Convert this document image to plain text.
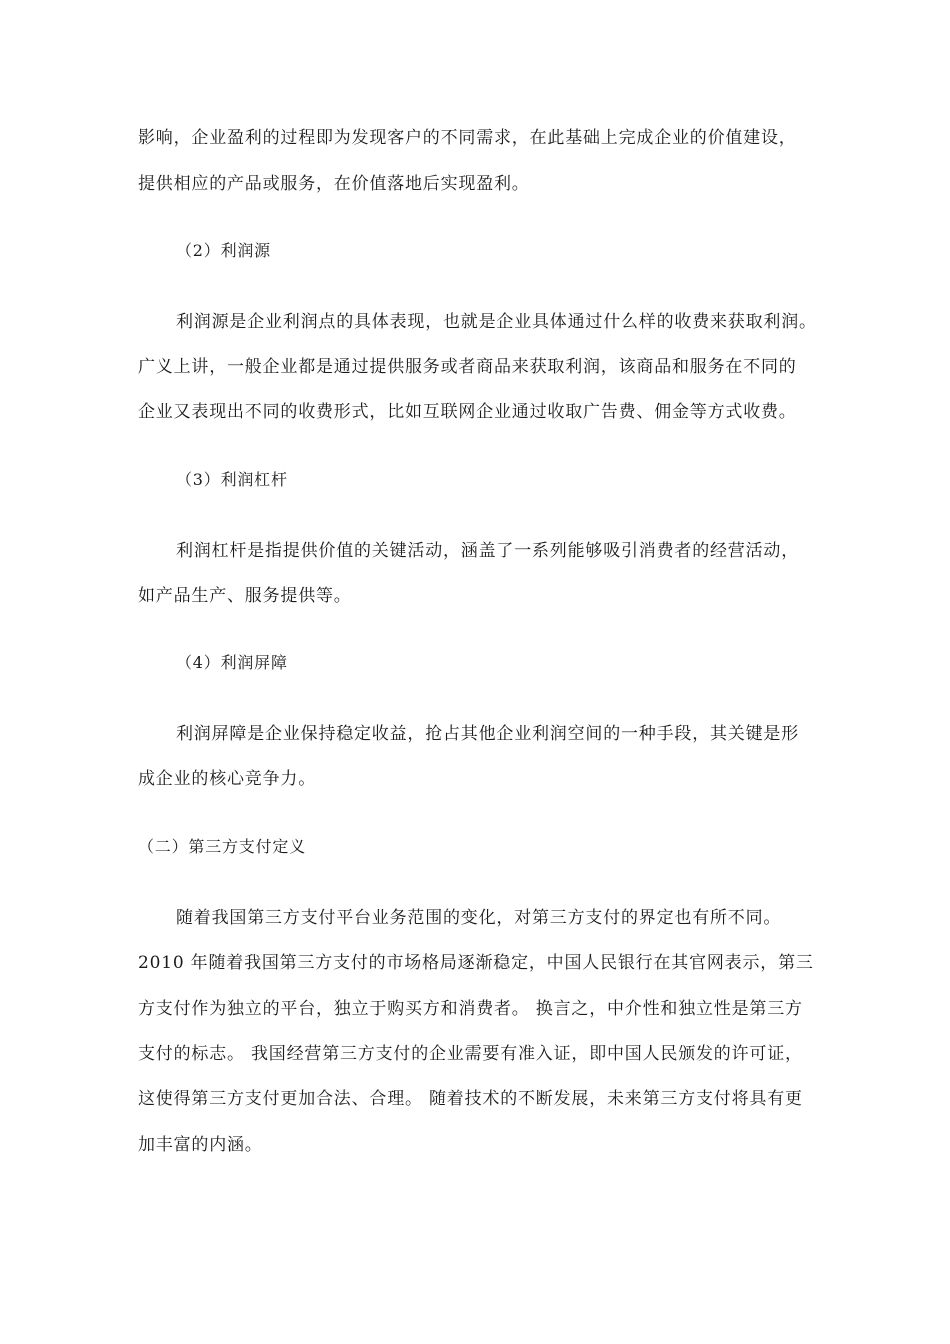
影响，企业盈利的过程即为发现客户的不同需求，在此基础上完成企业的价值建设，
提供相应的产品或服务，在价值落地后实现盈利。
（2）利润源
利润源是企业利润点的具体表现，也就是企业具体通过什么样的收费来获取利润。
广义上讲，一般企业都是通过提供服务或者商品来获取利润，该商品和服务在不同的
企业又表现出不同的收费形式，比如互联网企业通过收取广告费、佣金等方式收费。
（3）利润杠杆
利润杠杆是指提供价值的关键活动，涵盖了一系列能够吸引消费者的经营活动，
如产品生产、服务提供等。
（4）利润屏障
利润屏障是企业保持稳定收益，抢占其他企业利润空间的一种手段，其关键是形
成企业的核心竞争力。
（二）第三方支付定义
随着我国第三方支付平台业务范围的变化，对第三方支付的界定也有所不同。
2010 年随着我国第三方支付的市场格局逐渐稳定，中国人民银行在其官网表示，第三
方支付作为独立的平台，独立于购买方和消费者。 换言之，中介性和独立性是第三方
支付的标志。 我国经营第三方支付的企业需要有准入证，即中国人民颁发的许可证，
这使得第三方支付更加合法、合理。 随着技术的不断发展，未来第三方支付将具有更
加丰富的内涵。
